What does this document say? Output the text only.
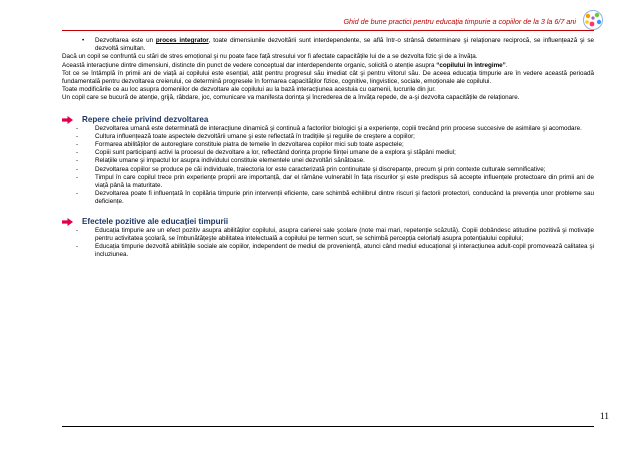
Ghid de bune practici pentru educația timpurie a copiilor de la 3 la 6/7 ani

• Dezvoltarea este un proces integrator, toate dimensiunile dezvoltării sunt interdependente, se află într-o strânsă determinare şi relaționare reciprocă, se influențează şi se dezvoltă simultan.

Dacă un copil se confruntă cu stări de stres emoțional şi nu poate face față stresului vor fi afectate capacitățile lui de a se dezvolta fizic şi de a învăța.

Această interacțiune dintre dimensiuni, distincte din punct de vedere conceptual dar interdependente organic, solicită o atenție asupra “copilului în întregime”.

Tot ce se întâmplă în primii ani de viață ai copilului este esențial, atât pentru progresul său imediat cât şi pentru viitorul său. De aceea educația timpurie are în vedere această perioadă fundamentală pentru dezvoltarea creierului, ce determină progresele în formarea capacităților fizice, cognitive, lingvistice, sociale, emoționale ale copilului.

Toate modificările ce au loc asupra domeniilor de dezvoltare ale copilului au la bază interacțiunea acestuia cu oamenii, lucrurile din jur.

Un copil care se bucură de atenție, grijă, răbdare, joc, comunicare va manifesta dorința şi încrederea de a învăța repede, de a-şi dezvolta capacitățile de relaționare.

Repere cheie privind dezvoltarea

-	Dezvoltarea umană este determinată de interacțiune dinamică şi continuă a factorilor biologici şi a experiențe, copiii trecând prin procese succesive de asimilare şi acomodare.

-	Cultura influențează toate aspectele dezvoltării umane şi este reflectată în tradițiile şi regulile de creştere a copiilor;

-	Formarea abilităților de autoreglare constituie piatra de temelie în dezvoltarea copiilor mici sub toate aspectele;

-	Copiii sunt participanți activi la procesul de dezvoltare a lor, reflectând dorința proprie ființei umane de a explora şi stăpâni mediul;

-	Relațiile umane şi impactul lor asupra individului constituie elementele unei dezvoltări sănătoase.

-	Dezvoltarea copiilor se produce pe căi individuale, traiectoria lor este caracterizată prin continuitate şi discrepanțe, precum şi prin contexte culturale semnificative;

-	Timpul în care copilul trece prin experiențe proprii are importanță, dar el rămâne vulnerabil în fața riscurilor şi este predispus să accepte influențele protectoare din primii ani de viață până la maturitate.

-	Dezvoltarea poate fi influențată în copilăria timpurie prin intervenții eficiente, care schimbă echilibrul dintre riscuri şi factorii protectori, conducând la prevenția unor probleme sau deficiențe.

Efectele pozitive ale educației timpurii

-	Educația timpurie are un efect pozitiv asupra abilităților copilului, asupra carierei sale şcolare (note mai mari, repetenție scăzută). Copiii dobândesc atitudine pozitivă şi motivație pentru activitatea şcolară, se îmbunătățeşte abilitatea intelectuală a copilului pe termen scurt, se schimbă percepția celorlalți asupra potențialului copilului;

-	Educația timpurie dezvoltă abilitățile sociale ale copiilor, independent de mediul de proveniență, atunci când mediul educațional şi interacțiunea adult-copil promovează calitatea şi incluziunea.

11
